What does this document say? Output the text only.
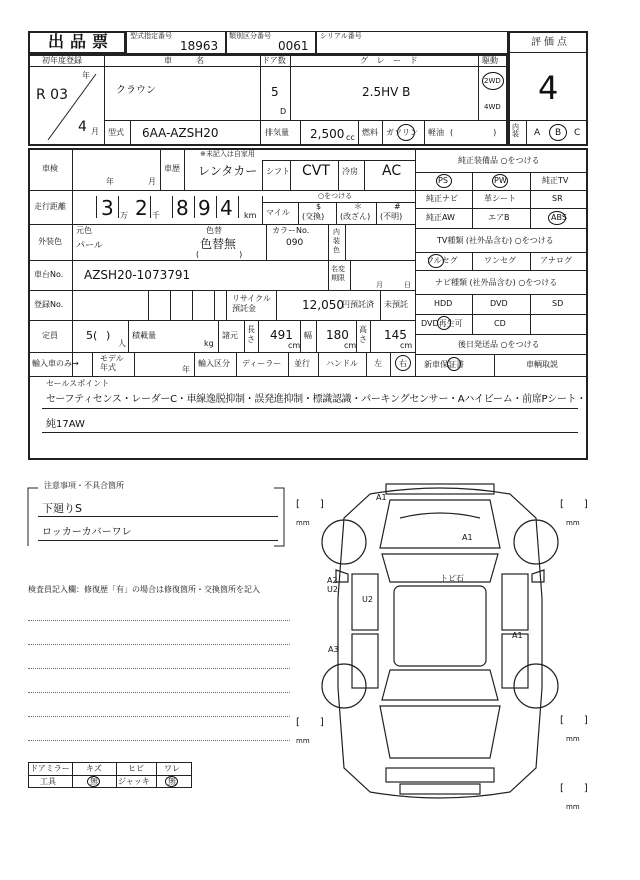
出品票 型式指定番号
18963
類別区分番号
0061
シリアル番号
評価点
4
初年度登録
年
R 03
4 月
車　名
クラウン
ドア数
5
D
グ レ ー ド
2.5HV B
駆動
2WD
4WD
型式 6AA-AZSH20	排気量 2,500 cc
燃料 ガソリン 軽油 (　　　　　)
内装	A B C
車検
年	月
車歴
※未記入は自家用
レンタカー シフト CVT 冷房 AC
走行距離 3 万 2 千 8 9 4 km
○をつける
マイル
$
(交換)
＊
(改ざん)
#
(不明)
外装色
元色
パール
色替
色替無
(　　　　　)
カラーNo.
090
内装色
車台No. AZSH20-1073791	名変期限
月	日
登録No.
リサイクル預託金	12,050
円預託済 未預託
定員	5( )
人
積載量
kg
諸元
長さ 491
cm
幅 180
cm
高さ 145
cm
輸入車のみ→
モデル年式	年
輸入区分 ディーラー 並行 ハンドル 左 右
純正装備品 ○をつける
PS	PW	純正TV
純正ナビ	革シート	SR
純正AW	エアB	ABS
TV種類 (社外品含む) ○をつける
フルセグ	ワンセグ	アナログ
ナビ種類 (社外品含む) ○をつける
HDD	DVD	SD
DVD再生可	CD
後日発送品 ○をつける
新車保証書	車輌取説
セールスポイント
セーフティセンス・レーダーC・車線逸脱抑制・誤発進抑制・標識認識・パーキングセンサー・Aハイビーム・前席Pシート・
純17AW
注意事項・不具合箇所
下廻りS
ロッカーカバーワレ
検査員記入欄：修復歴「有」の場合は修復箇所・交換箇所を記入
ドアミラー キズ	ヒビ	ワレ
工具	無	ジャッキ 無
A1
A1
A2
U2
U2
トビ石
A1
A3
[　　]
mm
[　　]
mm
[　　]
mm
[　　]
mm
[　　]
mm
